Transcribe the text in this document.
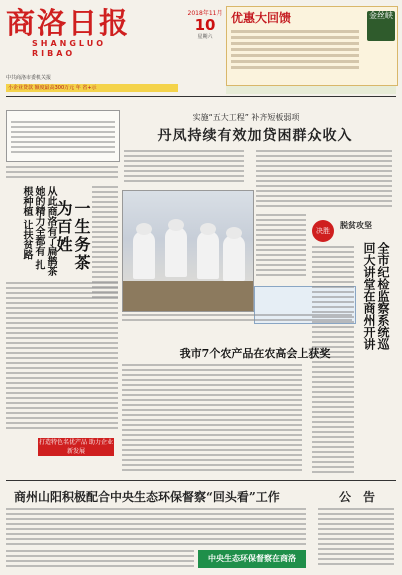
商洛日报
SHANGLUO RIBAO
2018年11月
10
星期六
优惠大回馈	金丝峡
中共商洛市委机关报
小企业贷款 额度最高300万元 年 省+示
实施“五大工程” 补齐短板弱项
丹凤持续有效加贷困群众收入
从此商洛有了扁鹊茶 她的精力全都有 扎根种植 让扶贫路	一生务茶为百姓	决胜
脱贫攻坚
全市纪检监察系统巡回大讲堂在商州开讲
我市7个农产品在农高会上获奖
打造特色名优产品 助力企业新发展
商州山阳积极配合中央生态环保督察“回头看”工作	公　告
中央生态环保督察在商洛
